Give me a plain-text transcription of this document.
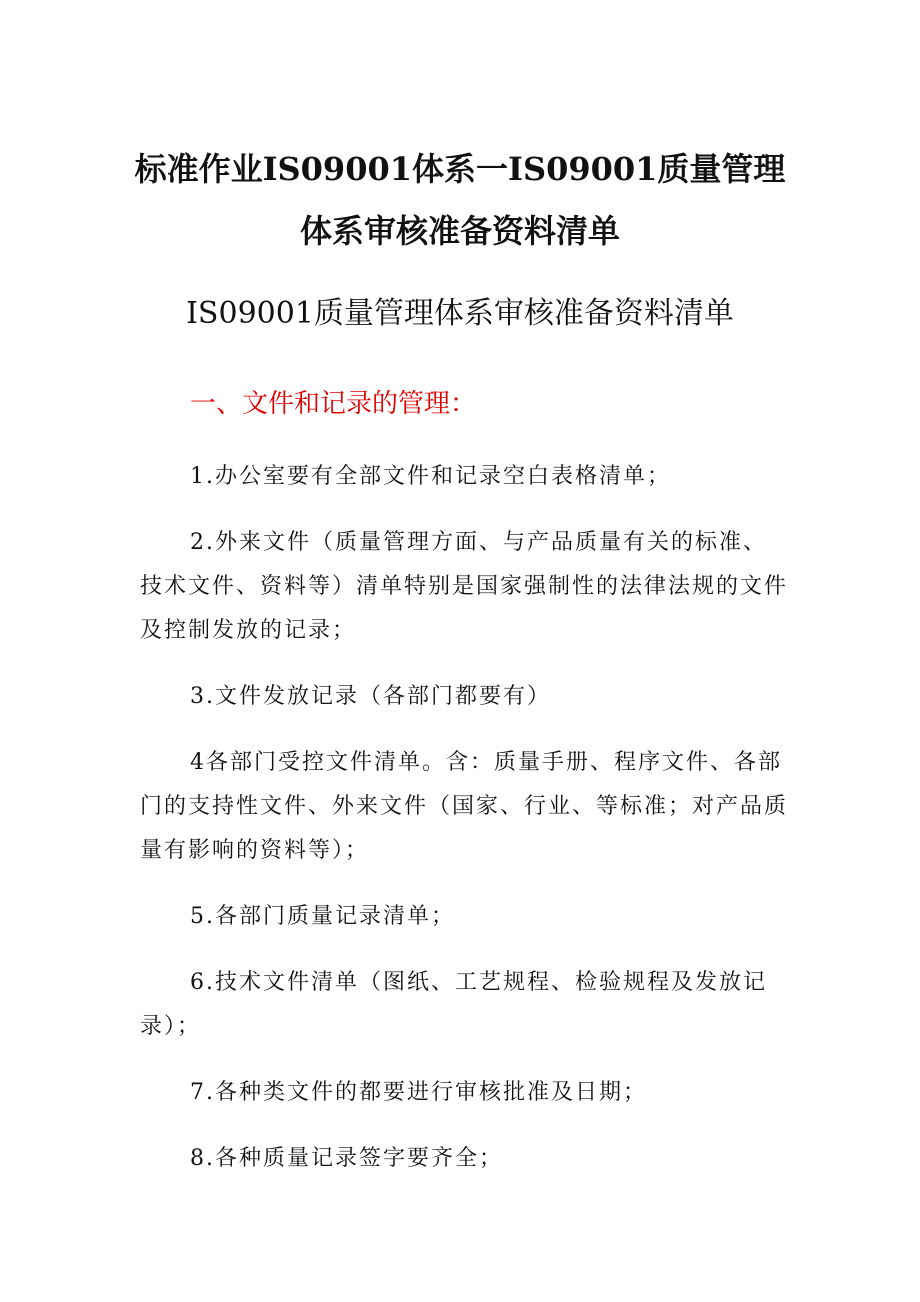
标准作业IS09001体系一IS09001质量管理体系审核准备资料清单
IS09001质量管理体系审核准备资料清单
一、文件和记录的管理：
1.办公室要有全部文件和记录空白表格清单；
2.外来文件（质量管理方面、与产品质量有关的标准、技术文件、资料等）清单特别是国家强制性的法律法规的文件及控制发放的记录；
3.文件发放记录（各部门都要有）
4各部门受控文件清单。含：质量手册、程序文件、各部门的支持性文件、外来文件（国家、行业、等标准；对产品质量有影响的资料等）；
5.各部门质量记录清单；
6.技术文件清单（图纸、工艺规程、检验规程及发放记录）；
7.各种类文件的都要进行审核批准及日期；
8.各种质量记录签字要齐全；
